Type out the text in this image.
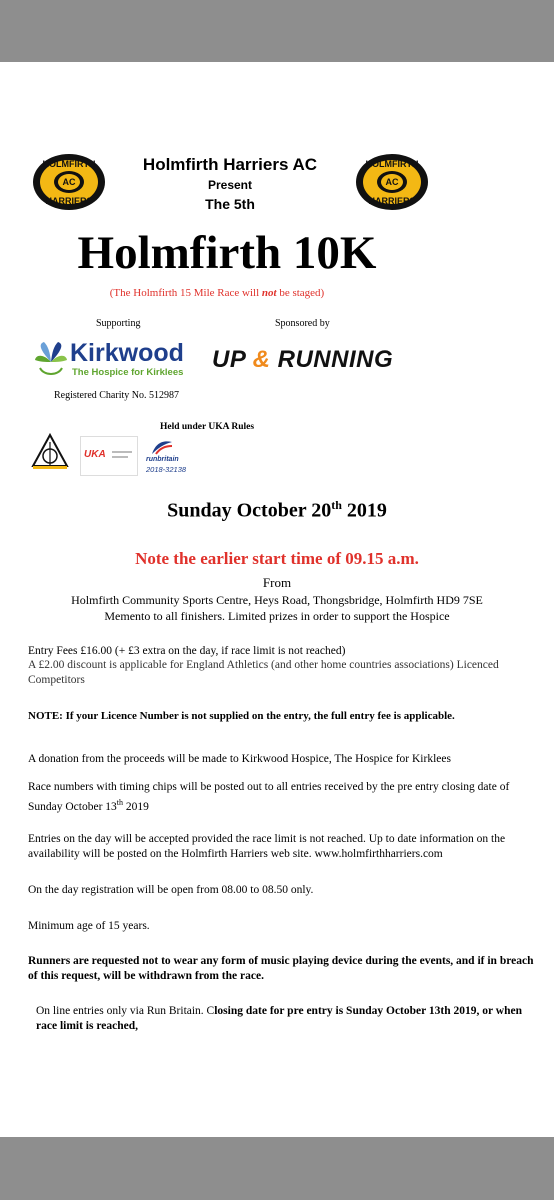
HOLMFIRTH
AC
HARRIERS
HOLMFIRTH
AC
HARRIERS
Holmfirth Harriers AC
Present
The 5th
Holmfirth 10K
(The Holmfirth 15 Mile Race will not be staged)
Supporting	Sponsored by
Kirkwood
The Hospice for Kirklees UP & RUNNING
Registered Charity No. 512987
Held under UKA Rules
UKA	runbritain
2018-32138
Sunday October 20th 2019
Note the earlier start time of 09.15 a.m.
From
Holmfirth Community Sports Centre, Heys Road, Thongsbridge, Holmfirth HD9 7SE
Memento to all finishers. Limited prizes in order to support the Hospice
Entry Fees £16.00 (+ £3 extra on the day, if race limit is not reached)
A £2.00 discount is applicable for England Athletics (and other home countries associations) Licenced Competitors
NOTE: If your Licence Number is not supplied on the entry, the full entry fee is applicable.
A donation from the proceeds will be made to Kirkwood Hospice, The Hospice for Kirklees
Race numbers with timing chips will be posted out to all entries received by the pre entry closing date of Sunday October 13th 2019
Entries on the day will be accepted provided the race limit is not reached. Up to date information on the availability will be posted on the Holmfirth Harriers web site. www.holmfirthharriers.com
On the day registration will be open from 08.00 to 08.50 only.
Minimum age of 15 years.
Runners are requested not to wear any form of music playing device during the events, and if in breach of this request, will be withdrawn from the race.
On line entries only via Run Britain. Closing date for pre entry is Sunday October 13th 2019, or when race limit is reached,
